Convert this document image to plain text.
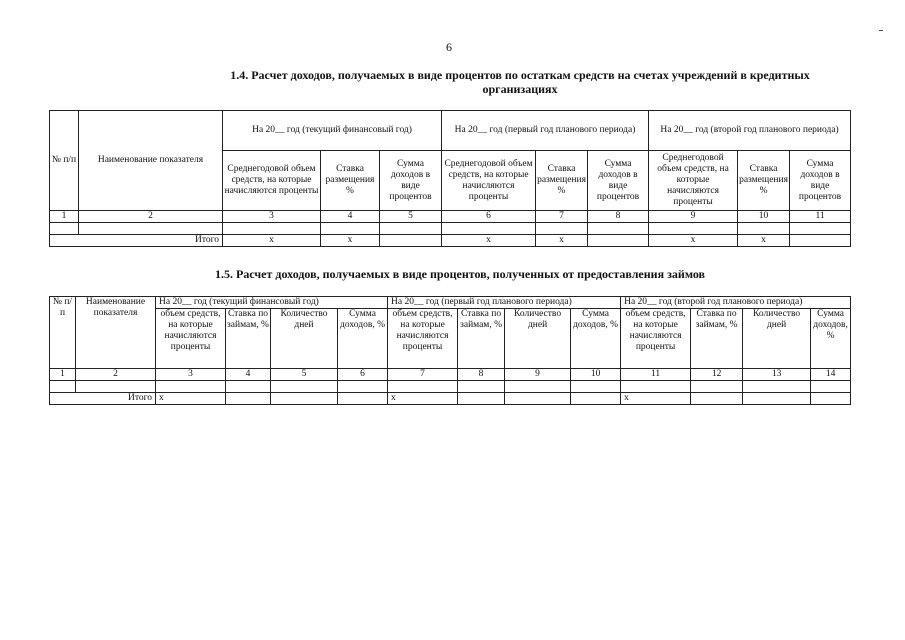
6
1.4. Расчет доходов, получаемых в виде процентов по остаткам средств на счетах учреждений в кредитных
организациях
№ п/п	Наименование показателя	На 20__ год (текущий финансовый год)			На 20__ год (первый год планового периода)			На 20__ год (второй год планового периода)		
		Среднегодовой объем средств, на которые начисляются проценты	Ставка размещения %	Сумма доходов в виде процентов	Среднегодовой объем средств, на которые начисляются проценты	Ставка размещения %	Сумма доходов в виде процентов	Среднегодовой объем средств, на которые начисляются проценты	Ставка размещения %	Сумма доходов в виде процентов
1	2	3	4	5	6	7	8	9	10	11

Итого		х	х		х	х		х	х	
1.5. Расчет доходов, получаемых в виде процентов, полученных от предоставления займов
№ п/п	Наименование показателя	На 20__ год (текущий финансовый год)				На 20__ год (первый год планового периода)				На 20__ год (второй год планового периода)			
		объем средств, на которые начисляются проценты	Ставка по займам, %	Количество дней	Сумма доходов, %	объем средств, на которые начисляются проценты	Ставка по займам, %	Количество дней	Сумма доходов, %	объем средств, на которые начисляются проценты	Ставка по займам, %	Количество дней	Сумма доходов, %
1	2	3	4	5	6	7	8	9	10	11	12	13	14

Итого		х				х				х			
